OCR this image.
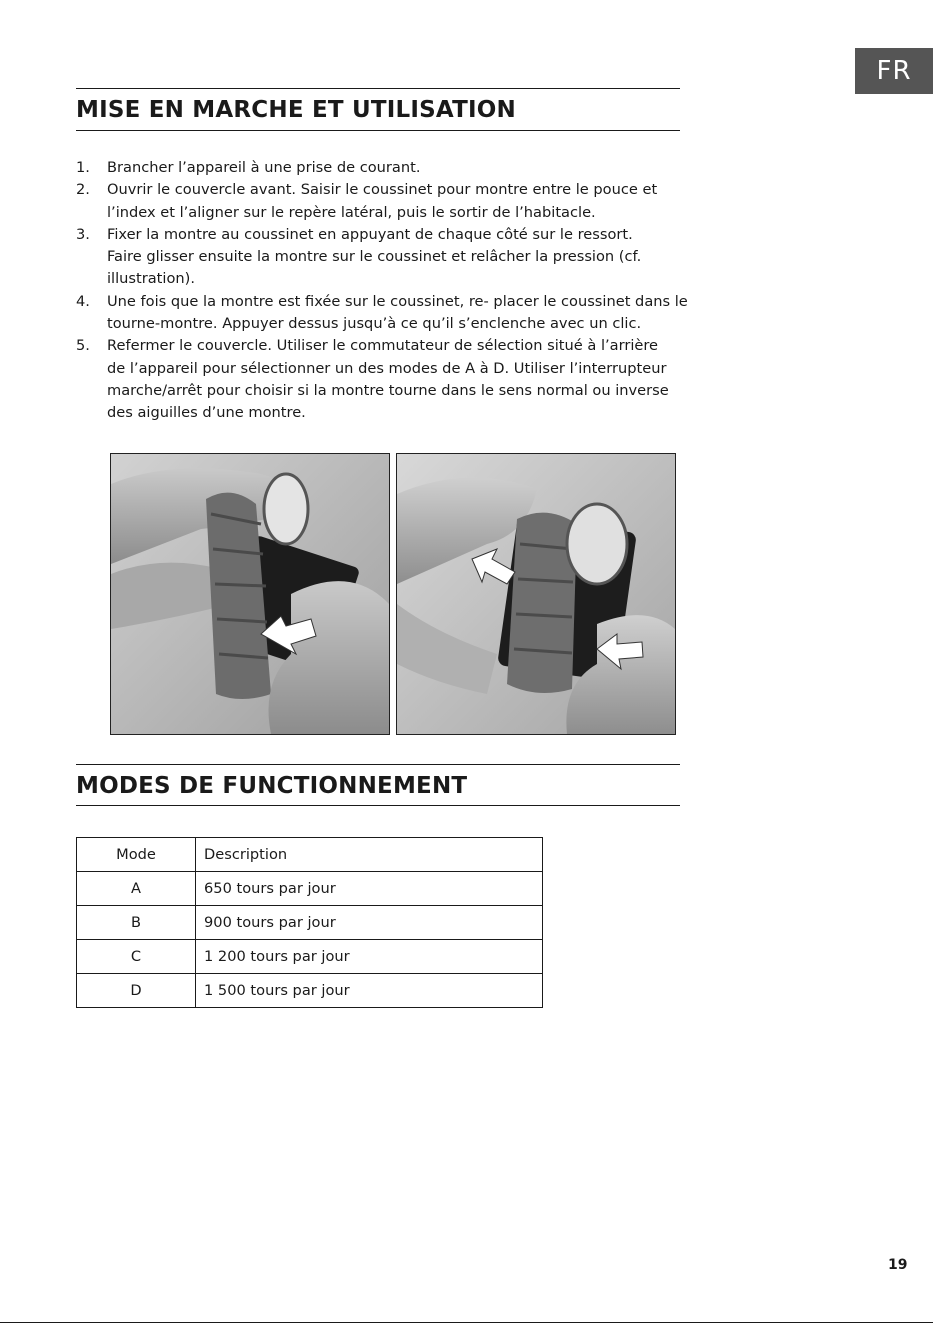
FR
MISE EN MARCHE ET UTILISATION
1. Brancher l’appareil à une prise de courant.
2. Ouvrir le couvercle avant. Saisir le coussinet pour montre entre le pouce et
l’index et l’aligner sur le repère latéral, puis le sortir de l’habitacle.
3. Fixer la montre au coussinet en appuyant de chaque côté sur le ressort.
Faire glisser ensuite la montre sur le coussinet et relâcher la pression (cf.
illustration).
4. Une fois que la montre est fixée sur le coussinet, re- placer le coussinet dans le
tourne-montre. Appuyer dessus jusqu’à ce qu’il s’enclenche avec un clic.
5. Refermer le couvercle. Utiliser le commutateur de sélection situé à l’arrière
de l’appareil pour sélectionner un des modes de A à D. Utiliser l’interrupteur
marche/arrêt pour choisir si la montre tourne dans le sens normal ou inverse
des aiguilles d’une montre.
MODES DE FUNCTIONNEMENT
Mode	Description
A	650 tours par jour
B	900 tours par jour
C	1 200 tours par jour
D	1 500 tours par jour
19
